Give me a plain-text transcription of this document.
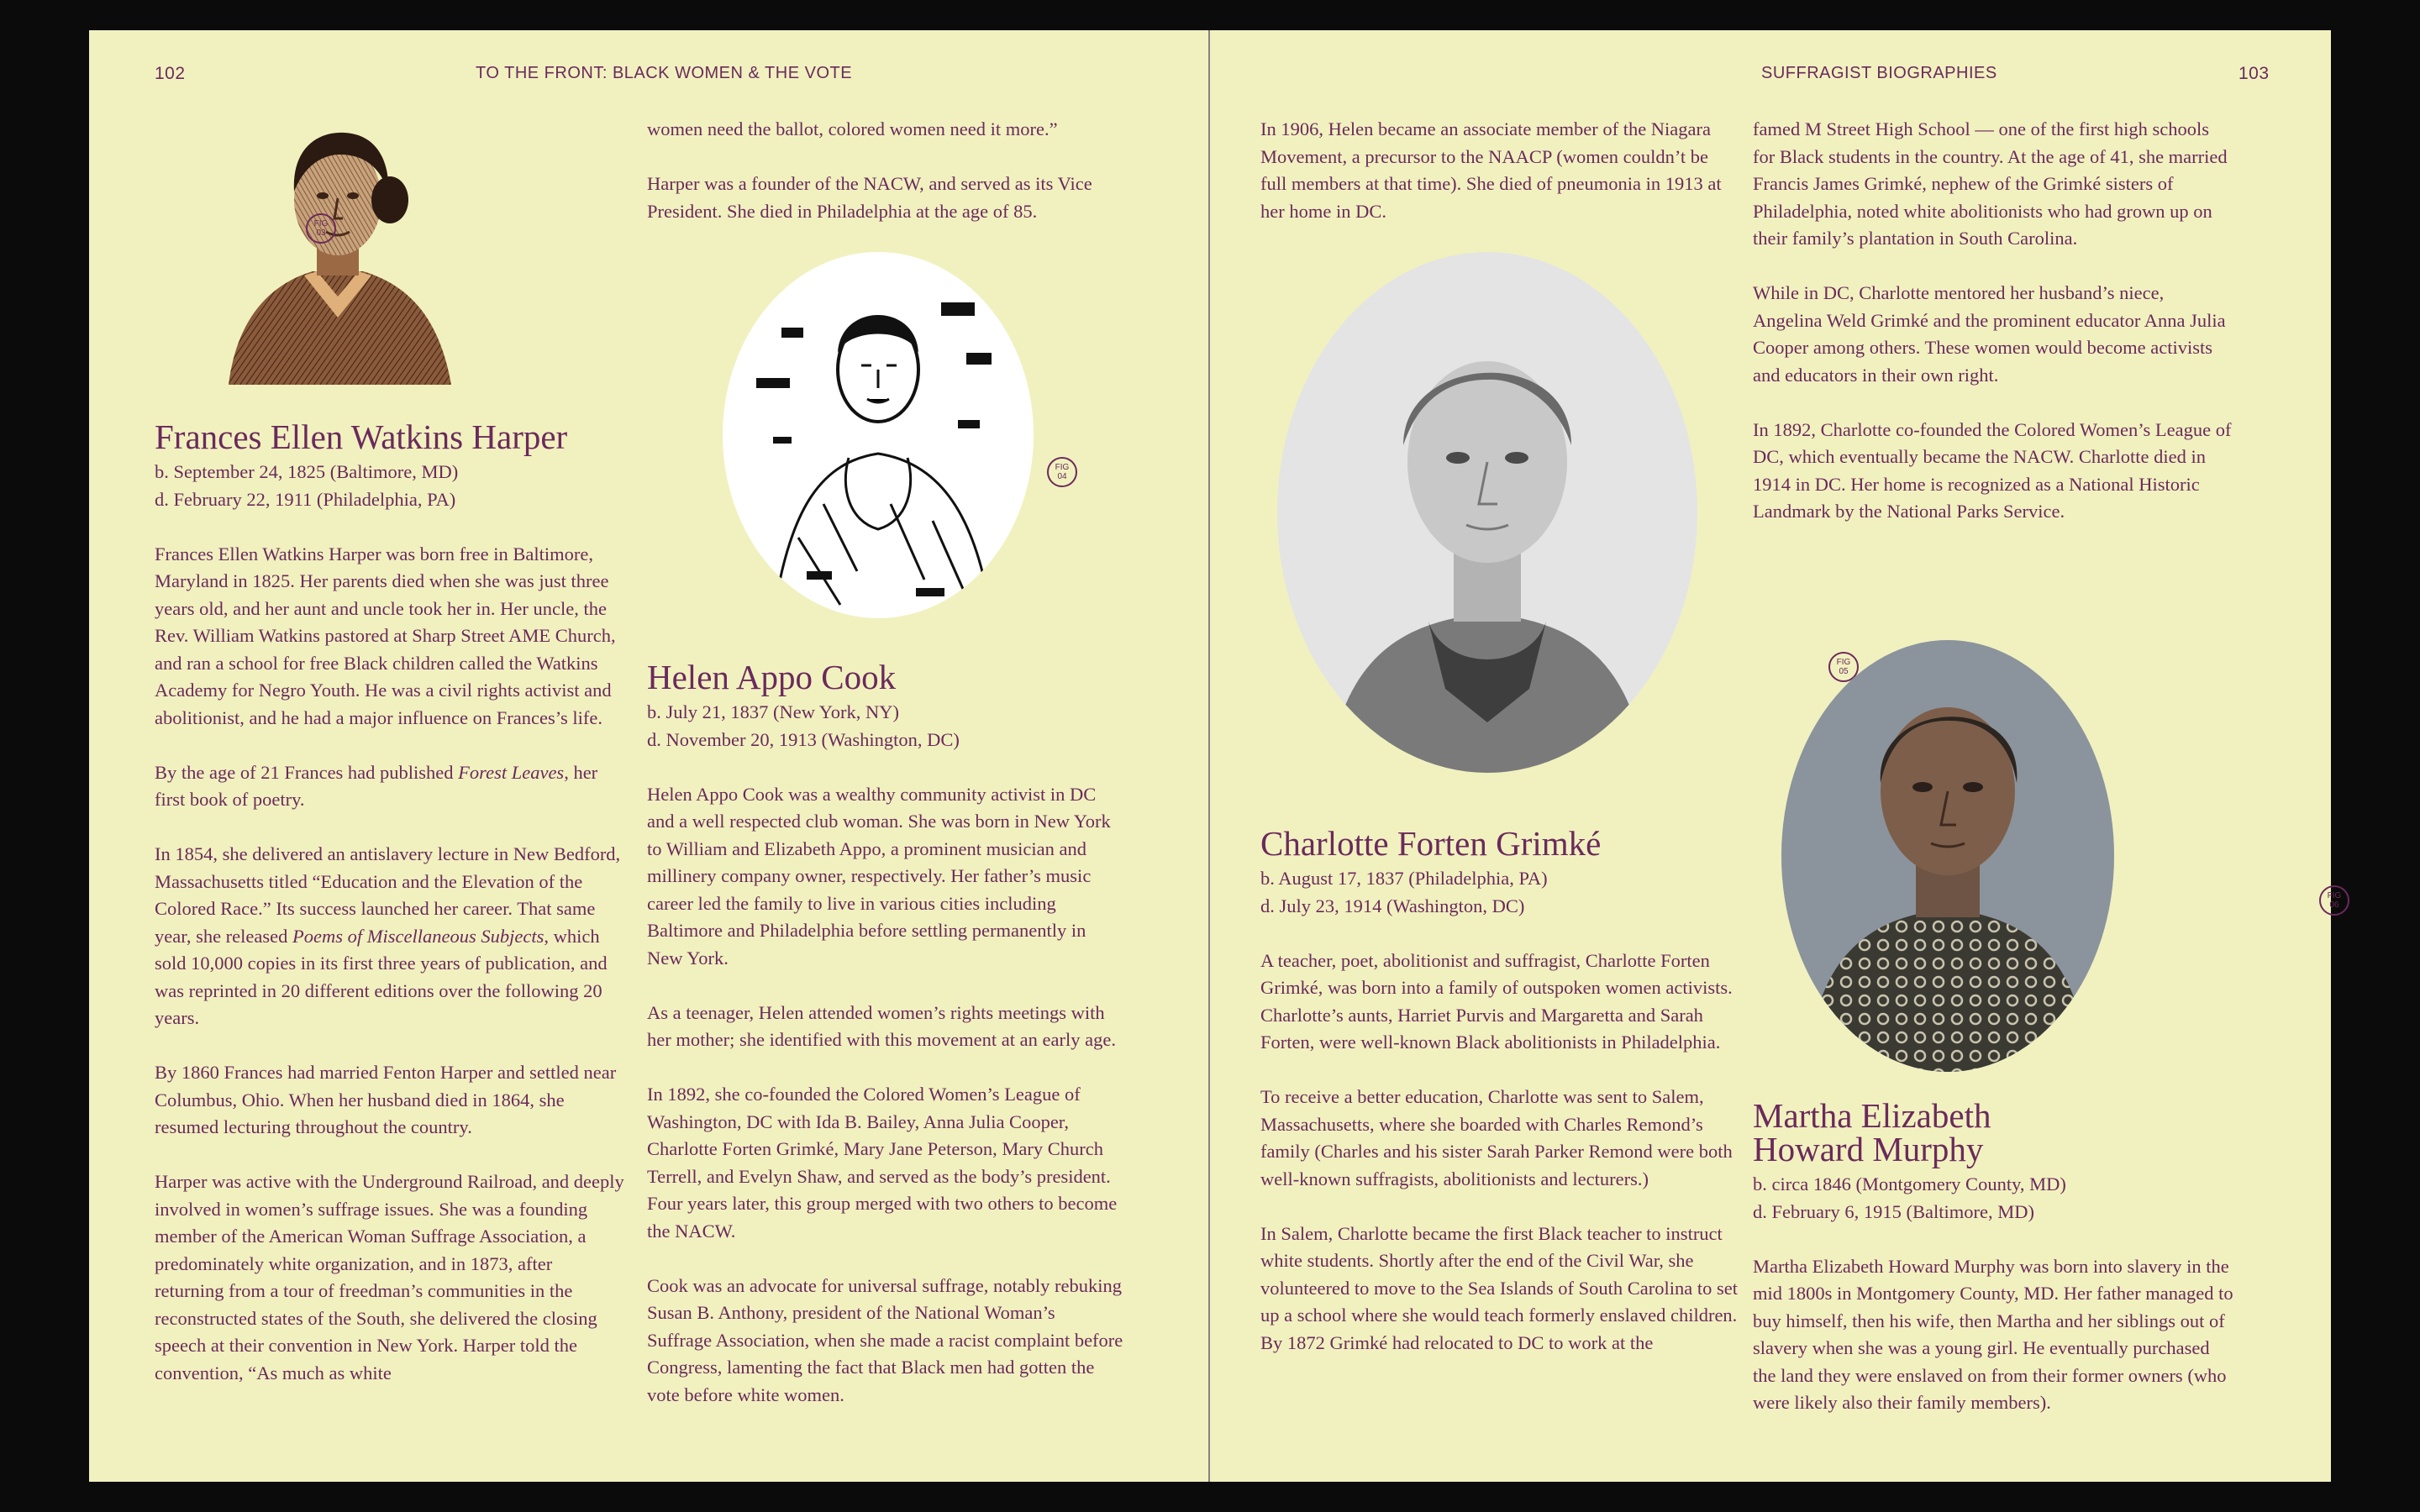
102	TO THE FRONT: BLACK WOMEN & THE VOTE
FIG
03
Frances Ellen Watkins Harper

b. September 24, 1825 (Baltimore, MD)

d. February 22, 1911 (Philadelphia, PA)

Frances Ellen Watkins Harper was born free in Baltimore, Maryland in 1825. Her parents died when she was just three years old, and her aunt and uncle took her in. Her uncle, the Rev. William Watkins pastored at Sharp Street AME Church, and ran a school for free Black children called the Watkins Academy for Negro Youth. He was a civil rights activist and abolitionist, and he had a major influence on Frances’s life.

By the age of 21 Frances had published Forest Leaves, her first book of poetry.

In 1854, she delivered an antislavery lecture in New Bedford, Massachusetts titled “Education and the Elevation of the Colored Race.” Its success launched her career. That same year, she released Poems of Miscellaneous Subjects, which sold 10,000 copies in its first three years of publication, and was reprinted in 20 different editions over the following 20 years.

By 1860 Frances had married Fenton Harper and settled near Columbus, Ohio. When her husband died in 1864, she resumed lecturing throughout the country.

Harper was active with the Underground Railroad, and deeply involved in women’s suffrage issues. She was a founding member of the American Woman Suffrage Association, a predominately white organization, and in 1873, after returning from a tour of freedman’s communities in the reconstructed states of the South, she delivered the closing speech at their convention in New York. Harper told the convention, “As much as white

women need the ballot, colored women need it more.”

Harper was a founder of the NACW, and served as its Vice President. She died in Philadelphia at the age of 85.

FIG
04
Helen Appo Cook

b. July 21, 1837 (New York, NY)

d. November 20, 1913 (Washington, DC)

Helen Appo Cook was a wealthy community activist in DC and a well respected club woman. She was born in New York to William and Elizabeth Appo, a prominent musician and millinery company owner, respectively. Her father’s music career led the family to live in various cities including Baltimore and Philadelphia before settling permanently in New York.

As a teenager, Helen attended women’s rights meetings with her mother; she identified with this movement at an early age.

In 1892, she co-founded the Colored Women’s League of Washington, DC with Ida B. Bailey, Anna Julia Cooper, Charlotte Forten Grimké, Mary Jane Peterson, Mary Church Terrell, and Evelyn Shaw, and served as the body’s president. Four years later, this group merged with two others to become the NACW.

Cook was an advocate for universal suffrage, notably rebuking Susan B. Anthony, president of the National Woman’s Suffrage Association, when she made a racist complaint before Congress, lamenting the fact that Black men had gotten the vote before white women.

SUFFRAGIST BIOGRAPHIES	103

In 1906, Helen became an associate member of the Niagara Movement, a precursor to the NAACP (women couldn’t be full members at that time). She died of pneumonia in 1913 at her home in DC.

FIG
05
Charlotte Forten Grimké

b. August 17, 1837 (Philadelphia, PA)

d. July 23, 1914 (Washington, DC)

A teacher, poet, abolitionist and suffragist, Charlotte Forten Grimké, was born into a family of outspoken women activists. Charlotte’s aunts, Harriet Purvis and Margaretta and Sarah Forten, were well-known Black abolitionists in Philadelphia.

To receive a better education, Charlotte was sent to Salem, Massachusetts, where she boarded with Charles Remond’s family (Charles and his sister Sarah Parker Remond were both well-known suffragists, abolitionists and lecturers.)

In Salem, Charlotte became the first Black teacher to instruct white students. Shortly after the end of the Civil War, she volunteered to move to the Sea Islands of South Carolina to set up a school where she would teach formerly enslaved children.

By 1872 Grimké had relocated to DC to work at the

famed M Street High School — one of the first high schools for Black students in the country. At the age of 41, she married Francis James Grimké, nephew of the Grimké sisters of Philadelphia, noted white abolitionists who had grown up on their family’s plantation in South Carolina.

While in DC, Charlotte mentored her husband’s niece, Angelina Weld Grimké and the prominent educator Anna Julia Cooper among others. These women would become activists and educators in their own right.

In 1892, Charlotte co-founded the Colored Women’s League of DC, which eventually became the NACW. Charlotte died in 1914 in DC. Her home is recognized as a National Historic Landmark by the National Parks Service.

FIG
06
Martha Elizabeth
Howard Murphy

b. circa 1846 (Montgomery County, MD)

d. February 6, 1915 (Baltimore, MD)

Martha Elizabeth Howard Murphy was born into slavery in the mid 1800s in Montgomery County, MD. Her father managed to buy himself, then his wife, then Martha and her siblings out of slavery when she was a young girl. He eventually purchased the land they were enslaved on from their former owners (who were likely also their family members).
